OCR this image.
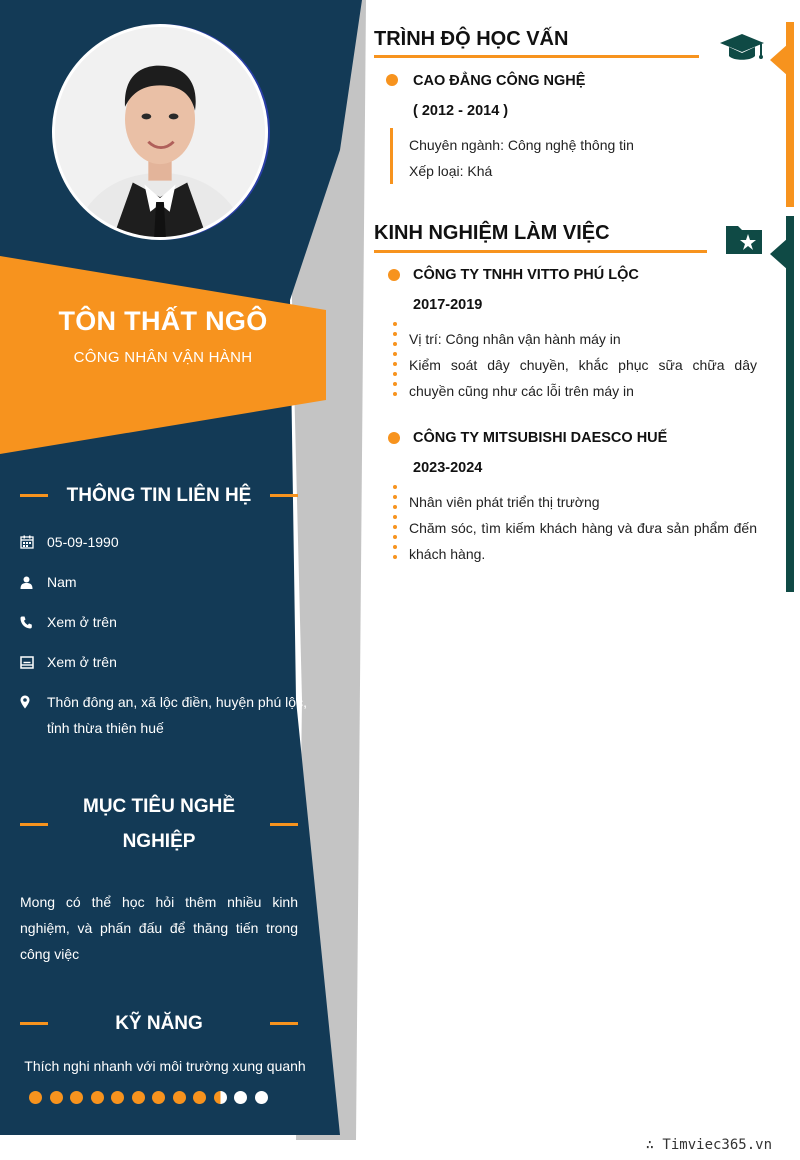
TÔN THẤT NGÔ
CÔNG NHÂN VẬN HÀNH
THÔNG TIN LIÊN HỆ
05-09-1990
Nam
Xem ở trên
Xem ở trên
Thôn đông an, xã lộc điền, huyện phú lộc, tỉnh thừa thiên huế
MỤC TIÊU NGHỀ
NGHIỆP
Mong có thể học hỏi thêm nhiều kinh nghiệm, và phấn đấu để thăng tiến trong công việc
KỸ NĂNG
Thích nghi nhanh với môi trường xung quanh
TRÌNH ĐỘ HỌC VẤN
CAO ĐẲNG CÔNG NGHỆ
( 2012 - 2014 )
Chuyên ngành: Công nghệ thông tin
Xếp loại: Khá
KINH NGHIỆM LÀM VIỆC
CÔNG TY TNHH VITTO PHÚ LỘC
2017-2019
Vị trí: Công nhân vận hành máy in
Kiểm soát dây chuyền, khắc phục sữa chữa dây chuyền cũng như các lỗi trên máy in
CÔNG TY MITSUBISHI DAESCO HUẾ
2023-2024
Nhân viên phát triển thị trường
Chăm sóc, tìm kiếm khách hàng và đưa sản phẩm đến khách hàng.
∴ Timviec365.vn
